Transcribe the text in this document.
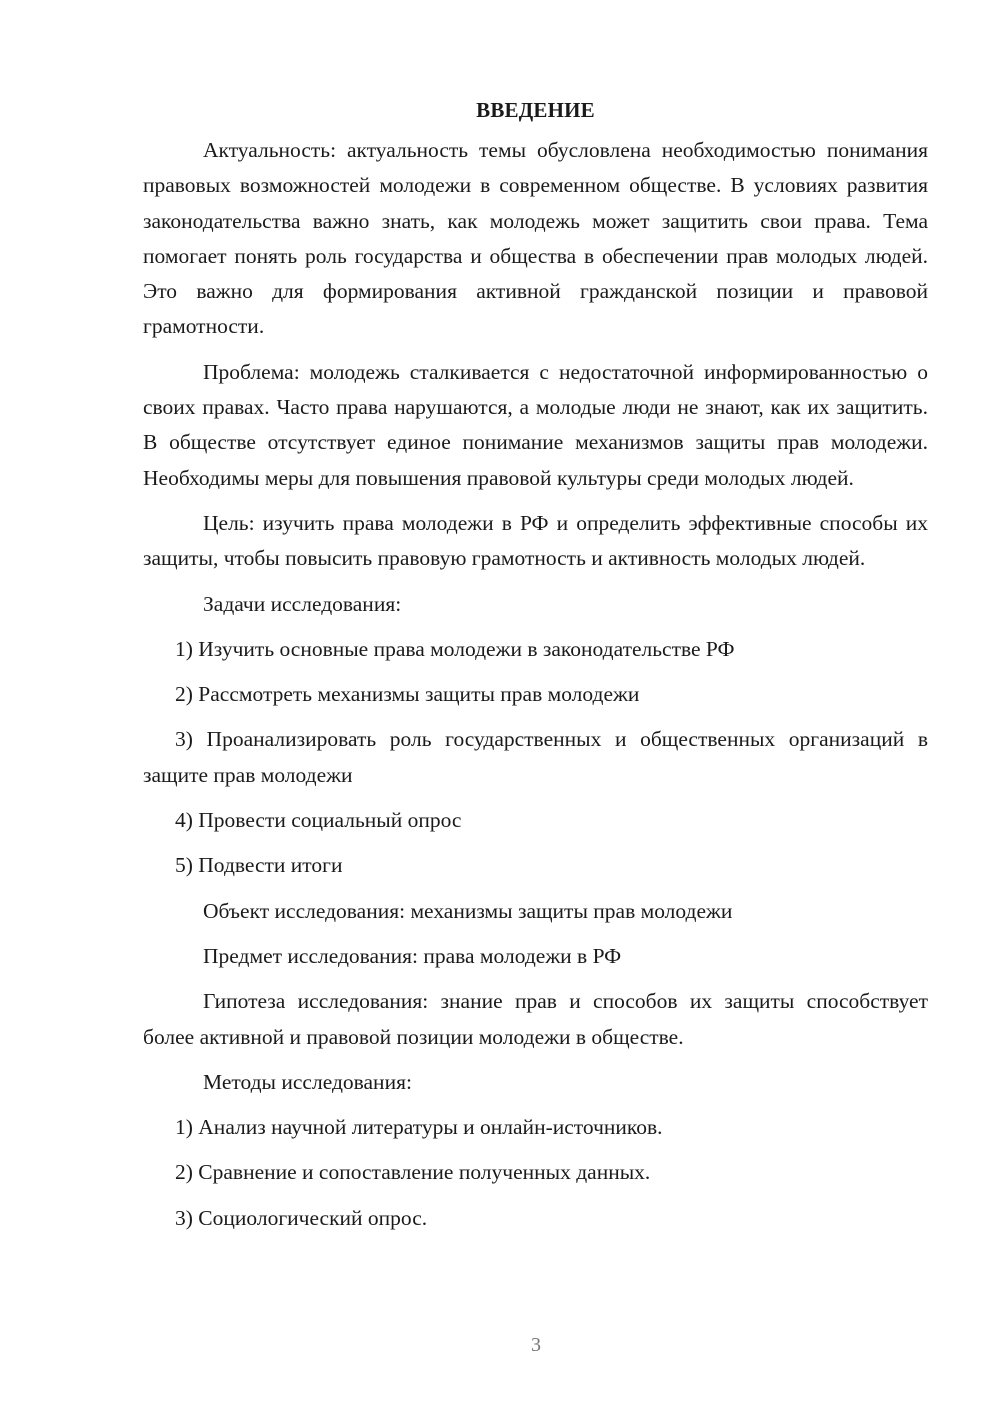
ВВЕДЕНИЕ

Актуальность: актуальность темы обусловлена необходимостью понимания правовых возможностей молодежи в современном обществе. В условиях развития законодательства важно знать, как молодежь может защитить свои права. Тема помогает понять роль государства и общества в обеспечении прав молодых людей. Это важно для формирования активной гражданской позиции и правовой грамотности.

Проблема: молодежь сталкивается с недостаточной информированностью о своих правах. Часто права нарушаются, а молодые люди не знают, как их защитить. В обществе отсутствует единое понимание механизмов защиты прав молодежи. Необходимы меры для повышения правовой культуры среди молодых людей.

Цель: изучить права молодежи в РФ и определить эффективные способы их защиты, чтобы повысить правовую грамотность и активность молодых людей.

Задачи исследования:

1) Изучить основные права молодежи в законодательстве РФ

2) Рассмотреть механизмы защиты прав молодежи

3) Проанализировать роль государственных и общественных организаций в защите прав молодежи

4) Провести социальный опрос

5) Подвести итоги

Объект исследования: механизмы защиты прав молодежи

Предмет исследования: права молодежи в РФ

Гипотеза исследования: знание прав и способов их защиты способствует более активной и правовой позиции молодежи в обществе.

Методы исследования:

1) Анализ научной литературы и онлайн-источников.

2) Сравнение и сопоставление полученных данных.

3) Социологический опрос.

3
